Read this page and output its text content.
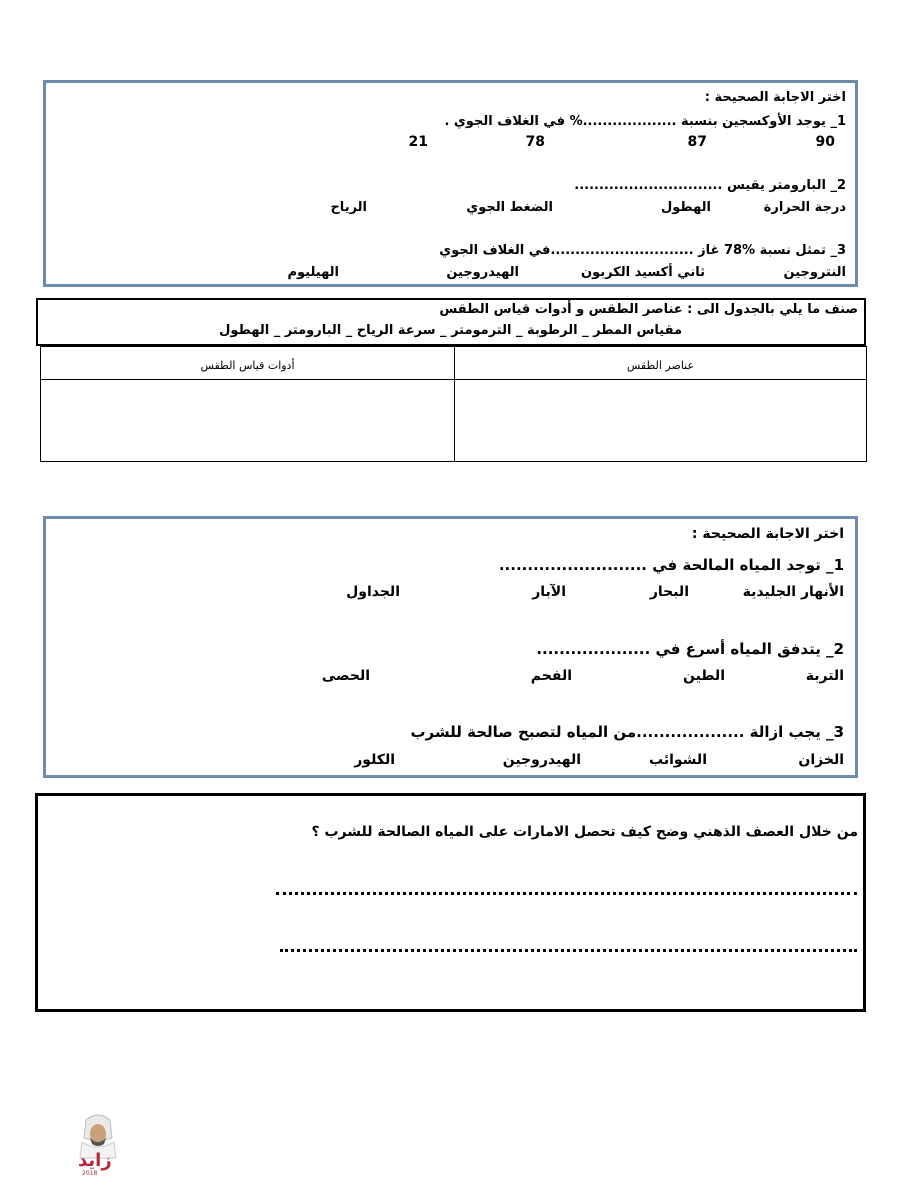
اختر الاجابة الصحيحة :
1_ يوجد الأوكسجين بنسبة ...................% في الغلاف الجوي .
90
87
78
21
2_ البارومتر يقيس ..............................
درجة الحرارة
الهطول
الضغط الجوي
الرياح
3_ تمثل نسبة %78 غاز .............................في الغلاف الجوي
النتروجين
ثاني أكسيد الكربون
الهيدروجين
الهيليوم
صنف ما يلي بالجدول الى : عناصر الطقس و أدوات قياس الطقس
مقياس المطر _ الرطوبة _ الترمومتر _ سرعة الرياح _ البارومتر _ الهطول
أدوات قياس الطقس	عناصر الطقس

اختر الاجابة الصحيحة :
1_ توجد المياه المالحة في ..........................
الأنهار الجليدية
البحار
الآبار
الجداول
2_ يتدفق المياه أسرع في ....................
التربة
الطين
الفحم
الحصى
3_ يجب ازالة ...................من المياه لتصبح صالحة للشرب
الخزان
الشوائب
الهيدروجين
الكلور
من خلال العصف الذهني وضح كيف تحصل الامارات على المياه الصالحة للشرب ؟
زايد
2018
